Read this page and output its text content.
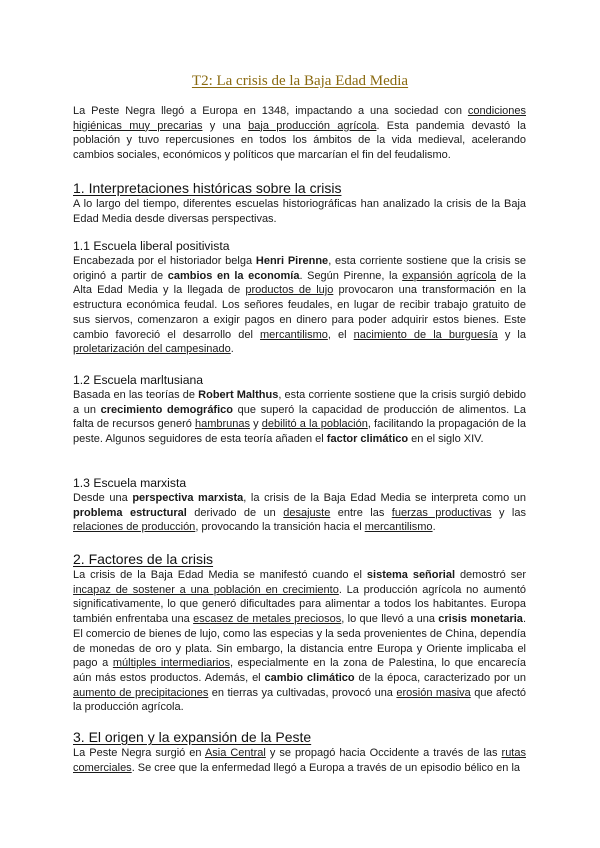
T2: La crisis de la Baja Edad Media

La Peste Negra llegó a Europa en 1348, impactando a una sociedad con condiciones higiénicas muy precarias y una baja producción agrícola. Esta pandemia devastó la población y tuvo repercusiones en todos los ámbitos de la vida medieval, acelerando cambios sociales, económicos y políticos que marcarían el fin del feudalismo.

1. Interpretaciones históricas sobre la crisis

A lo largo del tiempo, diferentes escuelas historiográficas han analizado la crisis de la Baja Edad Media desde diversas perspectivas.

1.1 Escuela liberal positivista

Encabezada por el historiador belga Henri Pirenne, esta corriente sostiene que la crisis se originó a partir de cambios en la economía. Según Pirenne, la expansión agrícola de la Alta Edad Media y la llegada de productos de lujo provocaron una transformación en la estructura económica feudal. Los señores feudales, en lugar de recibir trabajo gratuito de sus siervos, comenzaron a exigir pagos en dinero para poder adquirir estos bienes. Este cambio favoreció el desarrollo del mercantilismo, el nacimiento de la burguesía y la proletarización del campesinado.

1.2 Escuela marltusiana

Basada en las teorías de Robert Malthus, esta corriente sostiene que la crisis surgió debido a un crecimiento demográfico que superó la capacidad de producción de alimentos. La falta de recursos generó hambrunas y debilitó a la población, facilitando la propagación de la peste. Algunos seguidores de esta teoría añaden el factor climático en el siglo XIV.

1.3 Escuela marxista

Desde una perspectiva marxista, la crisis de la Baja Edad Media se interpreta como un problema estructural derivado de un desajuste entre las fuerzas productivas y las relaciones de producción, provocando la transición hacia el mercantilismo.

2. Factores de la crisis

La crisis de la Baja Edad Media se manifestó cuando el sistema señorial demostró ser incapaz de sostener a una población en crecimiento. La producción agrícola no aumentó significativamente, lo que generó dificultades para alimentar a todos los habitantes. Europa también enfrentaba una escasez de metales preciosos, lo que llevó a una crisis monetaria. El comercio de bienes de lujo, como las especias y la seda provenientes de China, dependía de monedas de oro y plata. Sin embargo, la distancia entre Europa y Oriente implicaba el pago a múltiples intermediarios, especialmente en la zona de Palestina, lo que encarecía aún más estos productos. Además, el cambio climático de la época, caracterizado por un aumento de precipitaciones en tierras ya cultivadas, provocó una erosión masiva que afectó la producción agrícola.

3. El origen y la expansión de la Peste

La Peste Negra surgió en Asia Central y se propagó hacia Occidente a través de las rutas comerciales. Se cree que la enfermedad llegó a Europa a través de un episodio bélico en la
